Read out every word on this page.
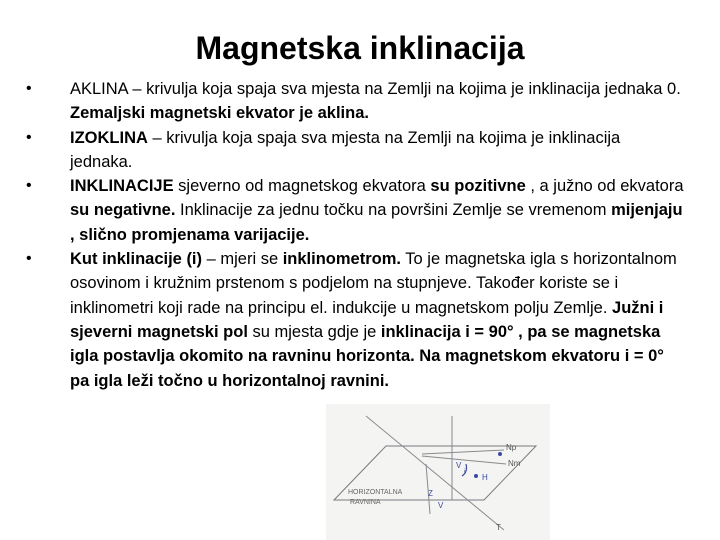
Magnetska inklinacija
•	AKLINA – krivulja koja spaja sva mjesta na Zemlji na kojima je inklinacija jednaka 0. Zemaljski magnetski ekvator je aklina.
•	IZOKLINA – krivulja koja spaja sva mjesta na Zemlji na kojima je inklinacija jednaka.
•	INKLINACIJE sjeverno od magnetskog ekvatora su pozitivne , a južno od ekvatora su negativne. Inklinacije za jednu točku na površini Zemlje se vremenom mijenjaju , slično promjenama varijacije.
•	Kut inklinacije (i) – mjeri se inklinometrom. To je magnetska igla s horizontalnom osovinom i kružnim prstenom s podjelom na stupnjeve. Također koriste se i inklinometri koji rade na principu el. indukcije u magnetskom polju Zemlje. Južni i sjeverni magnetski pol su mjesta gdje je inklinacija i = 90° , pa se magnetska igla postavlja okomito na ravninu horizonta. Na magnetskom ekvatoru i = 0° pa igla leži točno u horizontalnoj ravnini.
Np
Nm
V
H
i
T
Z
V
HORIZONTALNA
RAVNINA
